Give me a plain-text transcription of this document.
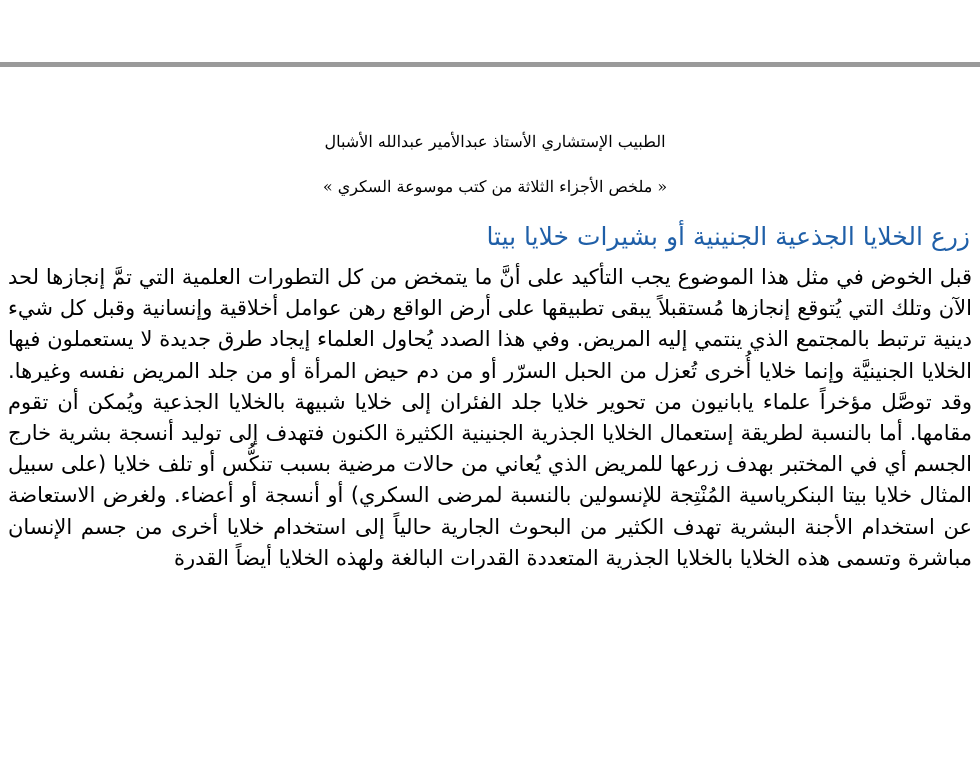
الطبيب الإستشاري الأستاذ عبدالأمير عبدالله الأشبال
« ملخص الأجزاء الثلاثة من كتب موسوعة السكري »
زرع الخلايا الجذعية الجنينية أو بشيرات خلايا بيتا

قبل الخوض في مثل هذا الموضوع يجب التأكيد على أنَّ ما يتمخض من كل التطورات العلمية التي تمَّ إنجازها لحد الآن وتلك التي يُتوقع إنجازها مُستقبلاً يبقى تطبيقها على أرض الواقع رهن عوامل أخلاقية وإنسانية وقبل كل شيء دينية ترتبط بالمجتمع الذي ينتمي إليه المريض. وفي هذا الصدد يُحاول العلماء إيجاد طرق جديدة لا يستعملون فيها الخلايا الجنينيَّة وإنما خلايا أُخرى تُعزل من الحبل السرّر أو من دم حيض المرأة أو من جلد المريض نفسه وغيرها. وقد توصَّل مؤخراً علماء يابانيون من تحوير خلايا جلد الفئران إلى خلايا شبيهة بالخلايا الجذعية ويُمكن أن تقوم مقامها. أما بالنسبة لطريقة إستعمال الخلايا الجذرية الجنينية الكثيرة الكنون فتهدف إلى توليد أنسجة بشرية خارج الجسم أي في المختبر بهدف زرعها للمريض الذي يُعاني من حالات مرضية بسبب تنكُّس أو تلف خلايا (على سبيل المثال خلايا بيتا البنكرياسية المُنْتِجة للإنسولين بالنسبة لمرضى السكري) أو أنسجة أو أعضاء. ولغرض الاستعاضة عن استخدام الأجنة البشرية تهدف الكثير من البحوث الجارية حالياً إلى استخدام خلايا أخرى من جسم الإنسان مباشرة وتسمى هذه الخلايا بالخلايا الجذرية المتعددة القدرات البالغة ولهذه الخلايا أيضاً القدرة
